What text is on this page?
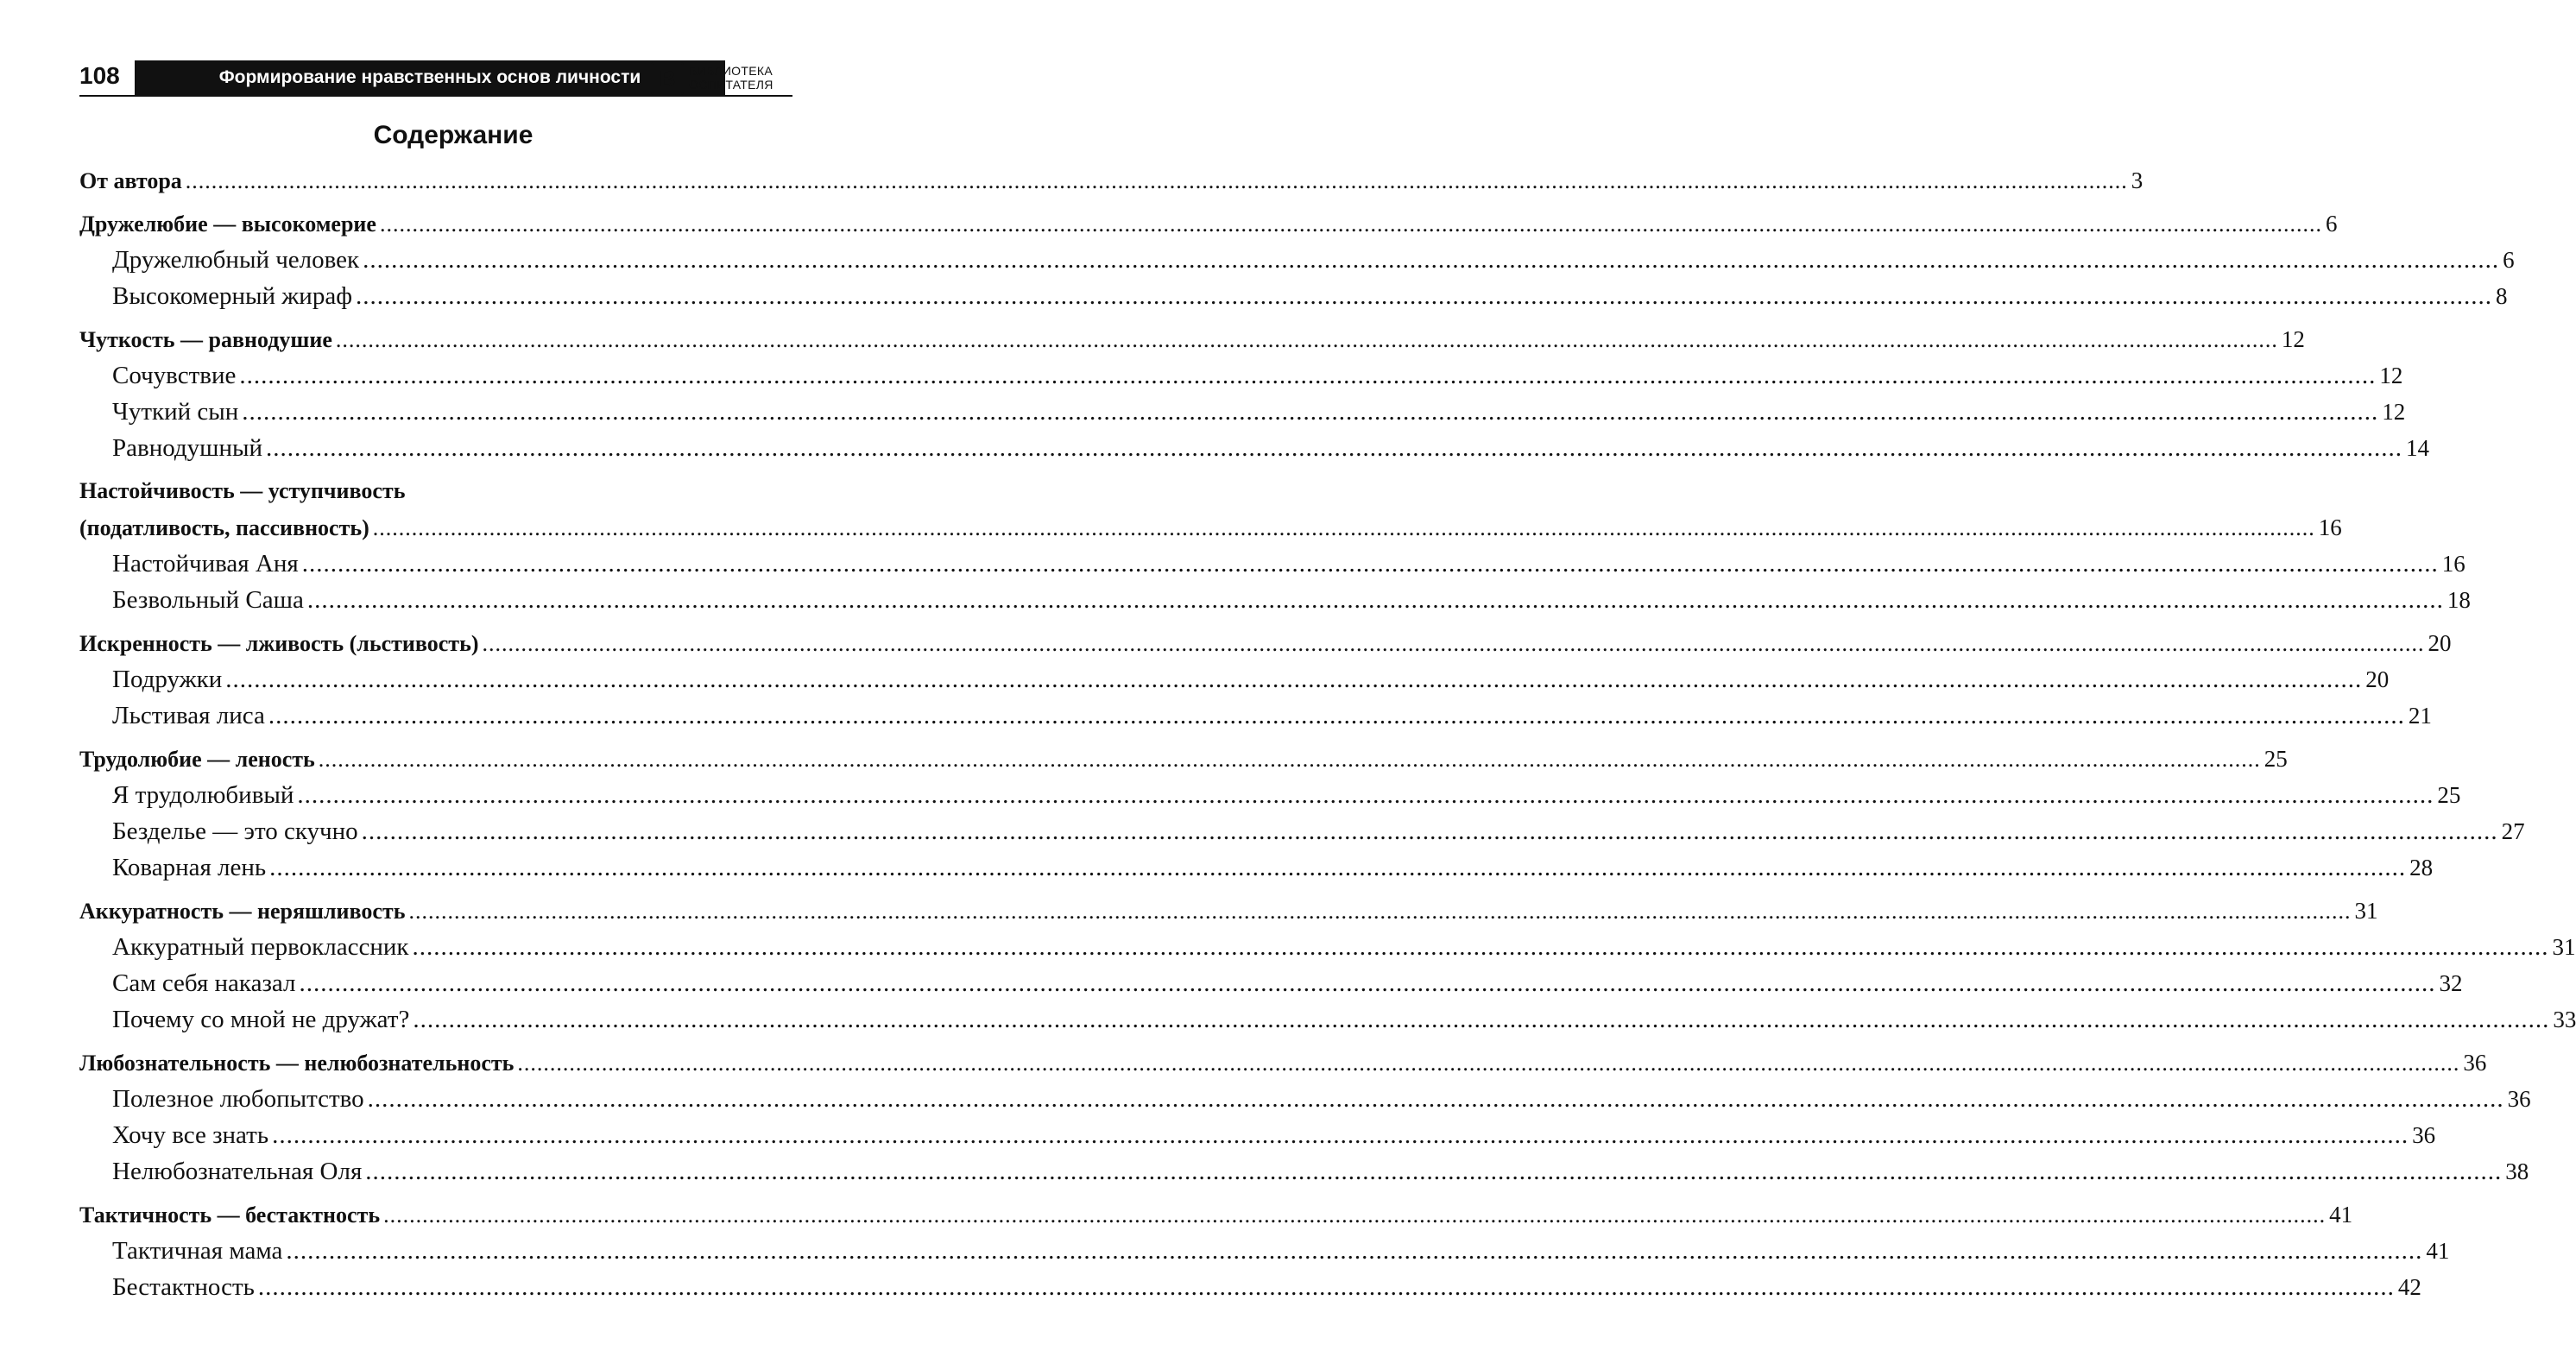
108	Формирование нравственных основ личности В	БИБЛИОТЕКА
ОСПИТАТЕЛЯ
Содержание
От автора ............................................................................................................................................................................................................................................................................................................ 3
Дружелюбие — высокомерие ............................................................................................................................................................................................................................................................................................................ 6
Дружелюбный человек ............................................................................................................................................................................................................................................................................................................ 6
Высокомерный жираф ............................................................................................................................................................................................................................................................................................................ 8
Чуткость — равнодушие ............................................................................................................................................................................................................................................................................................................ 12
Сочувствие ............................................................................................................................................................................................................................................................................................................ 12
Чуткий сын ............................................................................................................................................................................................................................................................................................................ 12
Равнодушный ............................................................................................................................................................................................................................................................................................................ 14
Настойчивость — уступчивость
(податливость, пассивность) ............................................................................................................................................................................................................................................................................................................ 16
Настойчивая Аня ............................................................................................................................................................................................................................................................................................................ 16
Безвольный Саша ............................................................................................................................................................................................................................................................................................................ 18
Искренность — лживость (льстивость) ............................................................................................................................................................................................................................................................................................................ 20
Подружки ............................................................................................................................................................................................................................................................................................................ 20
Льстивая лиса ............................................................................................................................................................................................................................................................................................................ 21
Трудолюбие — леность ............................................................................................................................................................................................................................................................................................................ 25
Я трудолюбивый ............................................................................................................................................................................................................................................................................................................ 25
Безделье — это скучно ............................................................................................................................................................................................................................................................................................................ 27
Коварная лень ............................................................................................................................................................................................................................................................................................................ 28
Аккуратность — неряшливость ............................................................................................................................................................................................................................................................................................................ 31
Аккуратный первоклассник ............................................................................................................................................................................................................................................................................................................ 31
Сам себя наказал ............................................................................................................................................................................................................................................................................................................ 32
Почему со мной не дружат? ............................................................................................................................................................................................................................................................................................................ 33
Любознательность — нелюбознательность ............................................................................................................................................................................................................................................................................................................ 36
Полезное любопытство ............................................................................................................................................................................................................................................................................................................ 36
Хочу все знать ............................................................................................................................................................................................................................................................................................................ 36
Нелюбознательная Оля ............................................................................................................................................................................................................................................................................................................ 38
Тактичность — бестактность ............................................................................................................................................................................................................................................................................................................ 41
Тактичная мама ............................................................................................................................................................................................................................................................................................................ 41
Бестактность ............................................................................................................................................................................................................................................................................................................ 42
